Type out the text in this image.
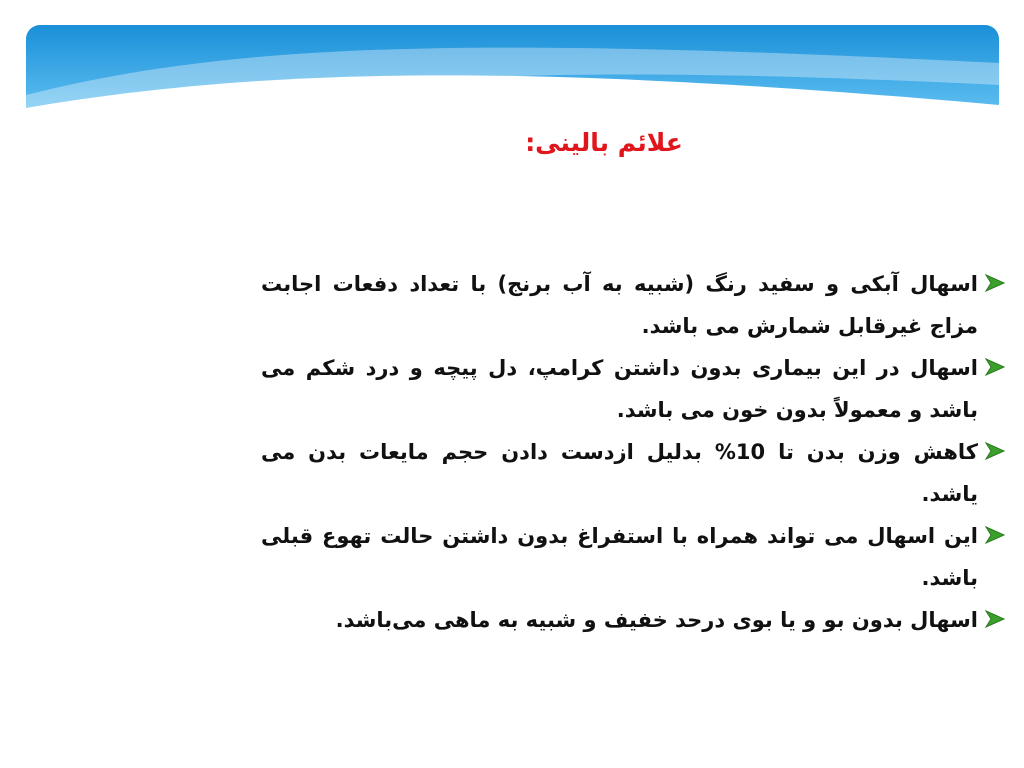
علائم بالینی:

اسهال آبکی و سفید رنگ (شبیه به آب برنج) با تعداد دفعات اجابت مزاج غیرقابل شمارش می باشد.

اسهال در این بیماری بدون داشتن کرامپ، دل پیچه و درد شکم می باشد و معمولاً بدون خون می باشد.

کاهش وزن بدن تا 10% بدلیل ازدست دادن حجم مایعات بدن می یاشد.

این اسهال می تواند همراه با استفراغ بدون داشتن حالت تهوع قبلی باشد.

اسهال بدون بو و یا بوی درحد خفیف و شبیه به ماهی می‌باشد.
